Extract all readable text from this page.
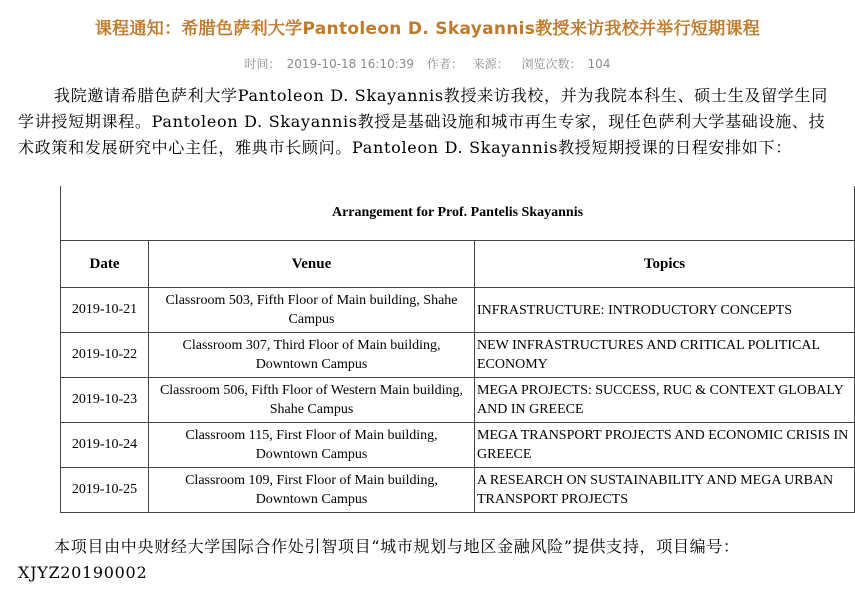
课程通知：希腊色萨利大学Pantoleon D. Skayannis教授来访我校并举行短期课程
时间： 2019-10-18 16:10:39 作者： 来源： 浏览次数： 104

我院邀请希腊色萨利大学Pantoleon D. Skayannis教授来访我校，并为我院本科生、硕士生及留学生同学讲授短期课程。Pantoleon D. Skayannis教授是基础设施和城市再生专家，现任色萨利大学基础设施、技术政策和发展研究中心主任，雅典市长顾问。Pantoleon D. Skayannis教授短期授课的日程安排如下：

Arrangement for Prof. Pantelis Skayannis		
Date	Venue	Topics
2019-10-21	Classroom 503, Fifth Floor of Main building, Shahe Campus	INFRASTRUCTURE: INTRODUCTORY CONCEPTS
2019-10-22	Classroom 307, Third Floor of Main building, Downtown Campus	NEW INFRASTRUCTURES AND CRITICAL POLITICAL ECONOMY
2019-10-23	Classroom 506, Fifth Floor of Western Main building, Shahe Campus	MEGA PROJECTS: SUCCESS, RUC & CONTEXT GLOBALY AND IN GREECE
2019-10-24	Classroom 115, First Floor of Main building, Downtown Campus	MEGA TRANSPORT PROJECTS AND ECONOMIC CRISIS IN GREECE
2019-10-25	Classroom 109, First Floor of Main building, Downtown Campus	A RESEARCH ON SUSTAINABILITY AND MEGA URBAN TRANSPORT PROJECTS

本项目由中央财经大学国际合作处引智项目“城市规划与地区金融风险”提供支持，项目编号：XJYZ20190002
